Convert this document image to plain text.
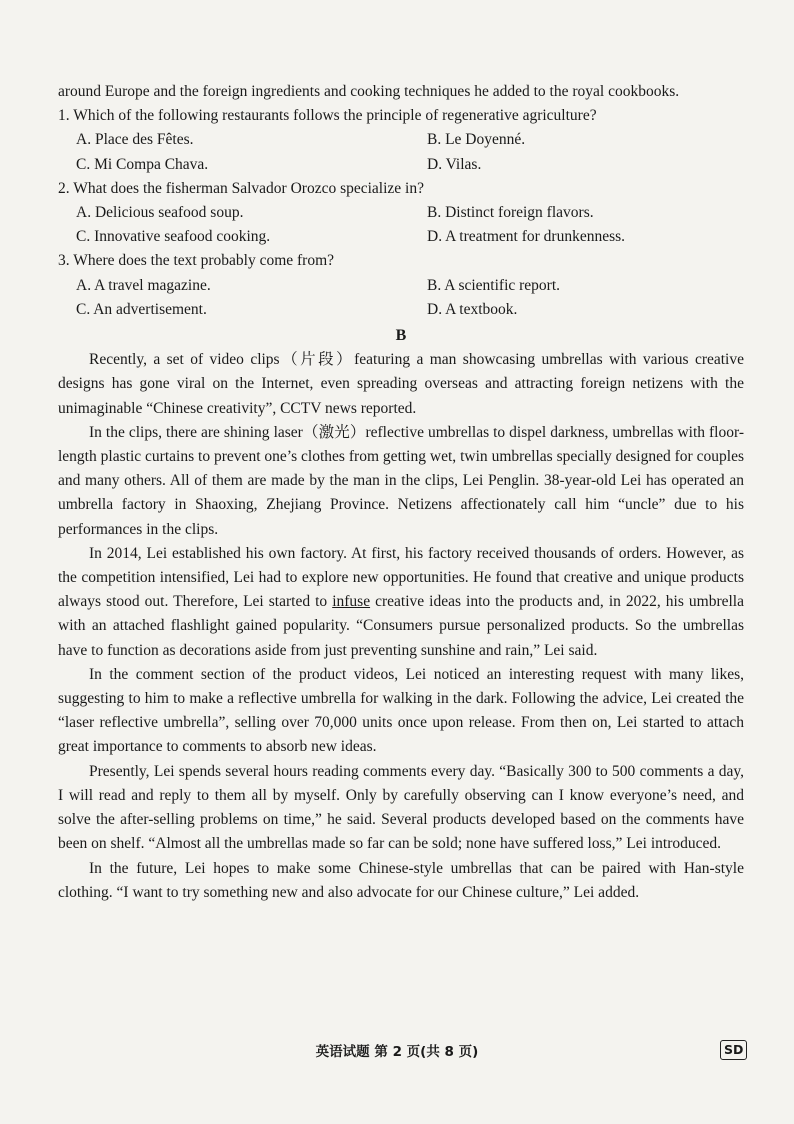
around Europe and the foreign ingredients and cooking techniques he added to the royal cookbooks.

1. Which of the following restaurants follows the principle of regenerative agriculture?

A. Place des Fêtes.	B. Le Doyenné.
C. Mi Compa Chava.	D. Vilas.

2. What does the fisherman Salvador Orozco specialize in?

A. Delicious seafood soup.	B. Distinct foreign flavors.
C. Innovative seafood cooking.	D. A treatment for drunkenness.

3. Where does the text probably come from?

A. A travel magazine.	B. A scientific report.
C. An advertisement.	D. A textbook.

B

Recently, a set of video clips（片段）featuring a man showcasing umbrellas with various creative designs has gone viral on the Internet, even spreading overseas and attracting foreign netizens with the unimaginable “Chinese creativity”, CCTV news reported.

In the clips, there are shining laser（激光）reflective umbrellas to dispel darkness, umbrellas with floor-length plastic curtains to prevent one’s clothes from getting wet, twin umbrellas specially designed for couples and many others. All of them are made by the man in the clips, Lei Penglin. 38-year-old Lei has operated an umbrella factory in Shaoxing, Zhejiang Province. Netizens affectionately call him “uncle” due to his performances in the clips.

In 2014, Lei established his own factory. At first, his factory received thousands of orders. However, as the competition intensified, Lei had to explore new opportunities. He found that creative and unique products always stood out. Therefore, Lei started to infuse creative ideas into the products and, in 2022, his umbrella with an attached flashlight gained popularity. “Consumers pursue personalized products. So the umbrellas have to function as decorations aside from just preventing sunshine and rain,” Lei said.

In the comment section of the product videos, Lei noticed an interesting request with many likes, suggesting to him to make a reflective umbrella for walking in the dark. Following the advice, Lei created the “laser reflective umbrella”, selling over 70,000 units once upon release. From then on, Lei started to attach great importance to comments to absorb new ideas.

Presently, Lei spends several hours reading comments every day. “Basically 300 to 500 comments a day, I will read and reply to them all by myself. Only by carefully observing can I know everyone’s need, and solve the after-selling problems on time,” he said. Several products developed based on the comments have been on shelf. “Almost all the umbrellas made so far can be sold; none have suffered loss,” Lei introduced.

In the future, Lei hopes to make some Chinese-style umbrellas that can be paired with Han-style clothing. “I want to try something new and also advocate for our Chinese culture,” Lei added.

英语试题 第 2 页(共 8 页)	SD
